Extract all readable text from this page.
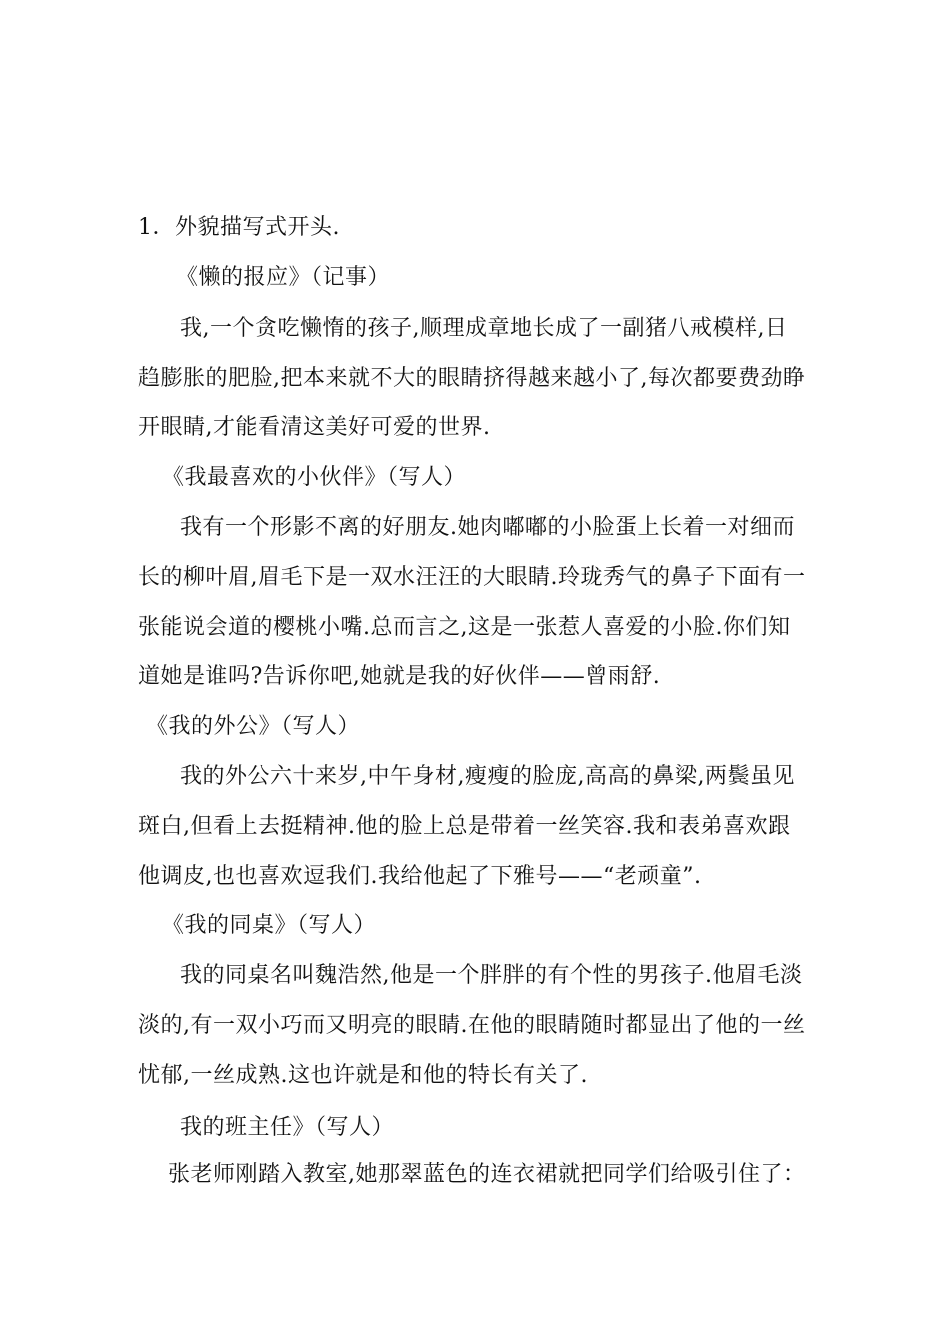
1．外貌描写式开头.
《懒的报应》（记事）
我,一个贪吃懒惰的孩子,顺理成章地长成了一副猪八戒模样,日
趋膨胀的肥脸,把本来就不大的眼睛挤得越来越小了,每次都要费劲睁
开眼睛,才能看清这美好可爱的世界.
《我最喜欢的小伙伴》（写人）
我有一个形影不离的好朋友.她肉嘟嘟的小脸蛋上长着一对细而
长的柳叶眉,眉毛下是一双水汪汪的大眼睛.玲珑秀气的鼻子下面有一
张能说会道的樱桃小嘴.总而言之,这是一张惹人喜爱的小脸.你们知
道她是谁吗?告诉你吧,她就是我的好伙伴——曾雨舒.
《我的外公》（写人）
我的外公六十来岁,中午身材,瘦瘦的脸庞,高高的鼻梁,两鬓虽见
斑白,但看上去挺精神.他的脸上总是带着一丝笑容.我和表弟喜欢跟
他调皮,也也喜欢逗我们.我给他起了下雅号——“老顽童”.
《我的同桌》（写人）
我的同桌名叫魏浩然,他是一个胖胖的有个性的男孩子.他眉毛淡
淡的,有一双小巧而又明亮的眼睛.在他的眼睛随时都显出了他的一丝
忧郁,一丝成熟.这也许就是和他的特长有关了.
我的班主任》（写人）
张老师刚踏入教室,她那翠蓝色的连衣裙就把同学们给吸引住了：
